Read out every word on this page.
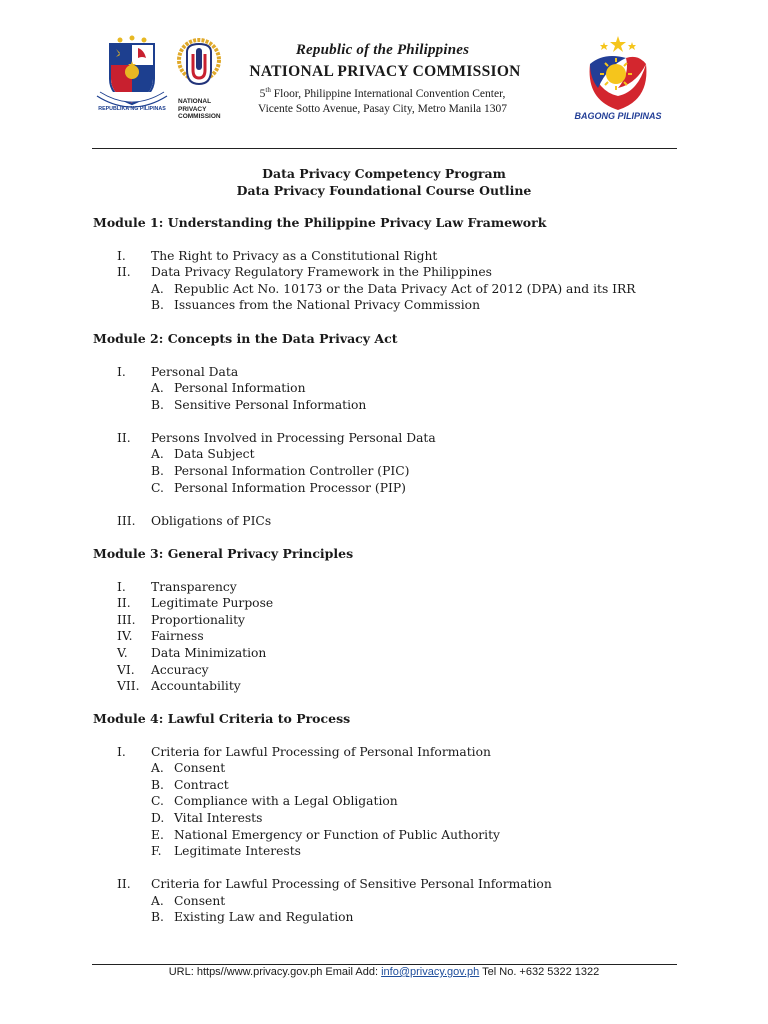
REPUBLIKA NG PILIPINAS
NATIONAL
PRIVACY
COMMISSION
Republic of the Philippines
NATIONAL PRIVACY COMMISSION
5th Floor, Philippine International Convention Center,
Vicente Sotto Avenue, Pasay City, Metro Manila 1307
BAGONG PILIPINAS
Data Privacy Competency Program
Data Privacy Foundational Course Outline
Module 1: Understanding the Philippine Privacy Law Framework
I. The Right to Privacy as a Constitutional Right
II. Data Privacy Regulatory Framework in the Philippines
A. Republic Act No. 10173 or the Data Privacy Act of 2012 (DPA) and its IRR
B. Issuances from the National Privacy Commission
Module 2: Concepts in the Data Privacy Act
I. Personal Data
A. Personal Information
B. Sensitive Personal Information
II. Persons Involved in Processing Personal Data
A. Data Subject
B. Personal Information Controller (PIC)
C. Personal Information Processor (PIP)
III. Obligations of PICs
Module 3: General Privacy Principles
I. Transparency
II. Legitimate Purpose
III. Proportionality
IV. Fairness
V. Data Minimization
VI. Accuracy
VII. Accountability
Module 4: Lawful Criteria to Process
I. Criteria for Lawful Processing of Personal Information
A. Consent
B. Contract
C. Compliance with a Legal Obligation
D. Vital Interests
E. National Emergency or Function of Public Authority
F. Legitimate Interests
II. Criteria for Lawful Processing of Sensitive Personal Information
A. Consent
B. Existing Law and Regulation
URL: https//www.privacy.gov.ph Email Add: info@privacy.gov.ph Tel No. +632 5322 1322
